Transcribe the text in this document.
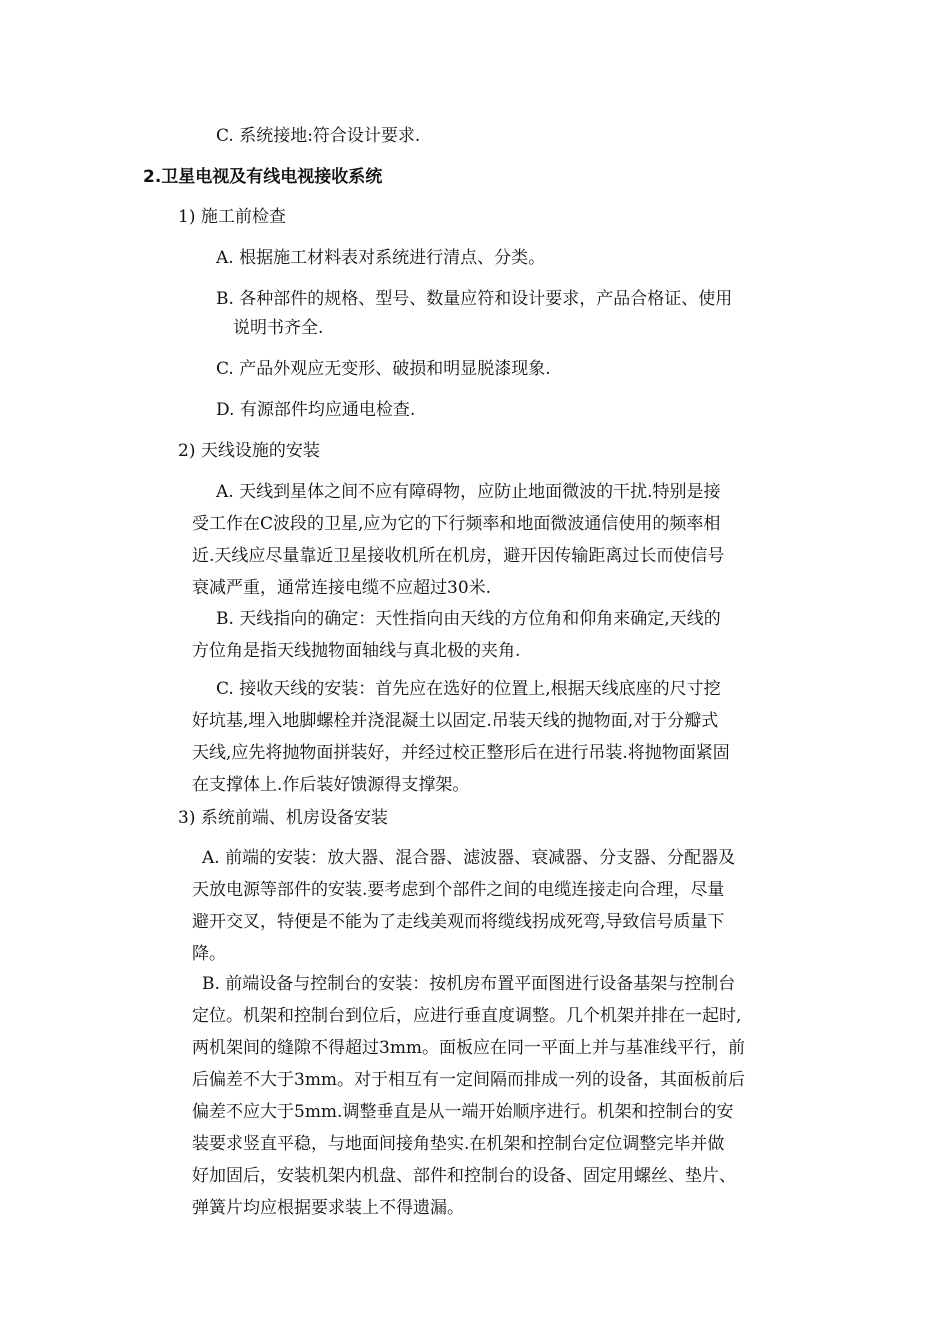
C. 系统接地:符合设计要求.
2.卫星电视及有线电视接收系统
1) 施工前检查
A. 根据施工材料表对系统进行清点、分类。
B. 各种部件的规格、型号、数量应符和设计要求，产品合格证、使用
说明书齐全.
C. 产品外观应无变形、破损和明显脱漆现象.
D. 有源部件均应通电检查.
2) 天线设施的安装
A. 天线到星体之间不应有障碍物，应防止地面微波的干扰.特别是接
受工作在C波段的卫星,应为它的下行频率和地面微波通信使用的频率相
近.天线应尽量靠近卫星接收机所在机房，避开因传输距离过长而使信号
衰减严重，通常连接电缆不应超过30米.
B. 天线指向的确定：天性指向由天线的方位角和仰角来确定,天线的
方位角是指天线抛物面轴线与真北极的夹角.
C. 接收天线的安装：首先应在选好的位置上,根据天线底座的尺寸挖
好坑基,埋入地脚螺栓并浇混凝土以固定.吊装天线的抛物面,对于分瓣式
天线,应先将抛物面拼装好，并经过校正整形后在进行吊装.将抛物面紧固
在支撑体上.作后装好馈源得支撑架。
3) 系统前端、机房设备安装
A. 前端的安装：放大器、混合器、滤波器、衰减器、分支器、分配器及
天放电源等部件的安装.要考虑到个部件之间的电缆连接走向合理，尽量
避开交叉，特便是不能为了走线美观而将缆线拐成死弯,导致信号质量下
降。
B. 前端设备与控制台的安装：按机房布置平面图进行设备基架与控制台
定位。机架和控制台到位后，应进行垂直度调整。几个机架并排在一起时,
两机架间的缝隙不得超过3mm。面板应在同一平面上并与基准线平行，前
后偏差不大于3mm。对于相互有一定间隔而排成一列的设备，其面板前后
偏差不应大于5mm.调整垂直是从一端开始顺序进行。机架和控制台的安
装要求竖直平稳，与地面间接角垫实.在机架和控制台定位调整完毕并做
好加固后，安装机架内机盘、部件和控制台的设备、固定用螺丝、垫片、
弹簧片均应根据要求装上不得遗漏。
